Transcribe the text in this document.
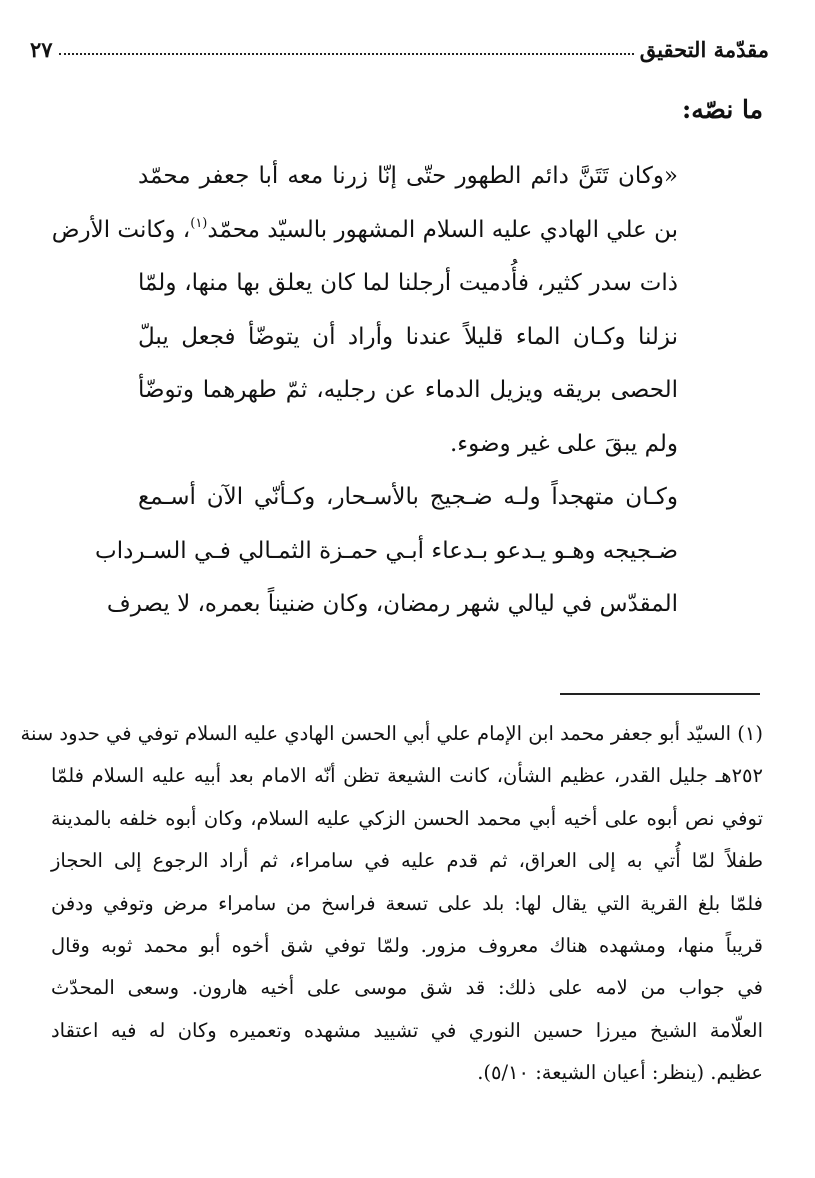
مقدّمة التحقيق
٢٧
ما نصّه:
«وكان تَتَنَّ دائم الطهور حتّى إنّا زرنا معه أبا جعفر محمّد
بن علي الهادي عليه السلام المشهور بالسيّد محمّد$^{(١)}$، وكانت الأرض
ذات سدر كثير، فأُدميت أرجلنا لما كان يعلق بها منها، ولمّا
نزلنا وكـان الماء قليلاً عندنا وأراد أن يتوضّأ فجعل يبلّ
الحصى بريقه ويزيل الدماء عن رجليه، ثمّ طهرهما وتوضّأ
ولم يبقَ على غير وضوء.
وكـان متهجداً ولـه ضـجيج بالأسـحار، وكـأنّي الآن أسـمع
ضـجيجه وهـو يـدعو بـدعاء أبـي حمـزة الثمـالي فـي السـرداب
المقدّس في ليالي شهر رمضان، وكان ضنيناً بعمره، لا يصرف
(١) السيّد أبو جعفر محمد ابن الإمام علي أبي الحسن الهادي عليه السلام توفي في حدود سنة
٢٥٢هـ جليل القدر، عظيم الشأن، كانت الشيعة تظن أنّه الامام بعد أبيه عليه السلام فلمّا
توفي نص أبوه على أخيه أبي محمد الحسن الزكي عليه السلام، وكان أبوه خلفه بالمدينة
طفلاً لمّا أُتي به إلى العراق، ثم قدم عليه في سامراء، ثم أراد الرجوع إلى الحجاز
فلمّا بلغ القرية التي يقال لها: بلد على تسعة فراسخ من سامراء مرض وتوفي ودفن
قريباً منها، ومشهده هناك معروف مزور. ولمّا توفي شق أخوه أبو محمد ثوبه وقال
في جواب من لامه على ذلك: قد شق موسى على أخيه هارون. وسعى المحدّث
العلّامة الشيخ ميرزا حسين النوري في تشييد مشهده وتعميره وكان له فيه اعتقاد
عظيم. (ينظر: أعيان الشيعة: ٥/١٠).
